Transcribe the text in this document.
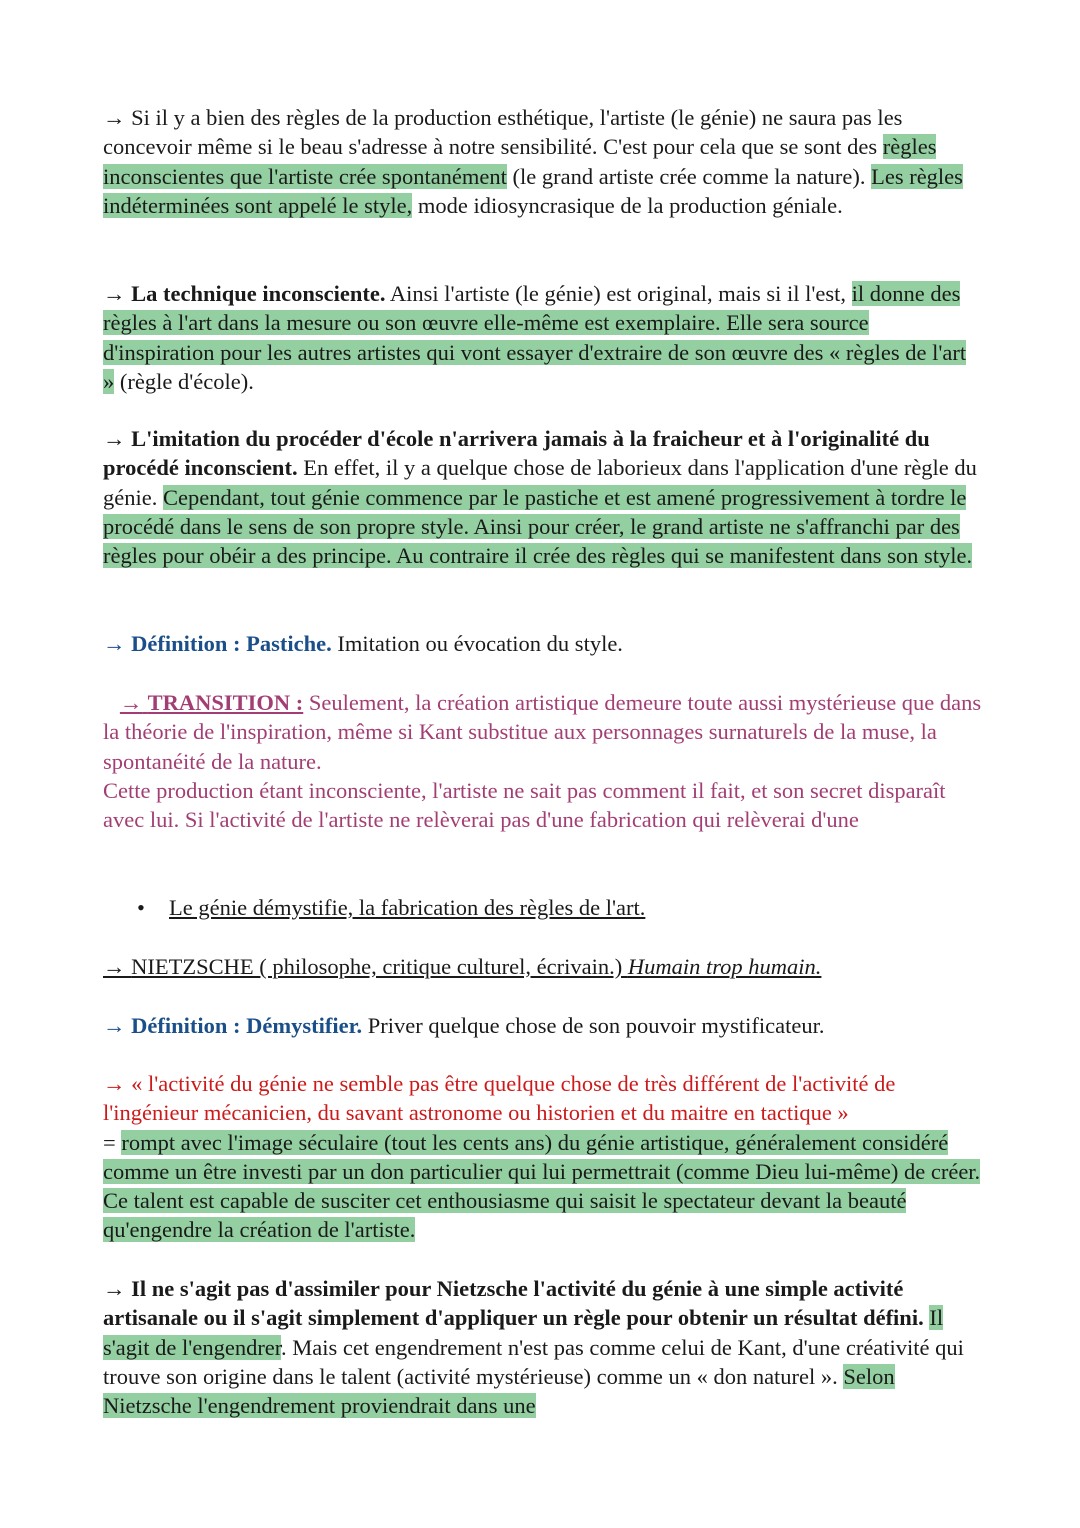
→ Si il y a bien des règles de la production esthétique, l'artiste (le génie) ne saura pas les concevoir même si le beau s'adresse à notre sensibilité. C'est pour cela que se sont des règles inconscientes que l'artiste crée spontanément (le grand artiste crée comme la nature). Les règles indéterminées sont appelé le style, mode idiosyncrasique de la production géniale.

→ La technique inconsciente. Ainsi l'artiste (le génie) est original, mais si il l'est, il donne des règles à l'art dans la mesure ou son œuvre elle-même est exemplaire. Elle sera source d'inspiration pour les autres artistes qui vont essayer d'extraire de son œuvre des « règles de l'art » (règle d'école).

→ L'imitation du procéder d'école n'arrivera jamais à la fraicheur et à l'originalité du procédé inconscient. En effet, il y a quelque chose de laborieux dans l'application d'une règle du génie. Cependant, tout génie commence par le pastiche et est amené progressivement à tordre le procédé dans le sens de son propre style. Ainsi pour créer, le grand artiste ne s'affranchi par des règles pour obéir a des principe. Au contraire il crée des règles qui se manifestent dans son style.

→ Définition : Pastiche. Imitation ou évocation du style.

→ TRANSITION : Seulement, la création artistique demeure toute aussi mystérieuse que dans la théorie de l'inspiration, même si Kant substitue aux personnages surnaturels de la muse, la spontanéité de la nature.
Cette production étant inconsciente, l'artiste ne sait pas comment il fait, et son secret disparaît avec lui. Si l'activité de l'artiste ne relèverai pas d'une fabrication qui relèverai d'une

• Le génie démystifie, la fabrication des règles de l'art.

→ NIETZSCHE ( philosophe, critique culturel, écrivain.) Humain trop humain.

→ Définition : Démystifier. Priver quelque chose de son pouvoir mystificateur.

→ « l'activité du génie ne semble pas être quelque chose de très différent de l'activité de l'ingénieur mécanicien, du savant astronome ou historien et du maitre en tactique »
= rompt avec l'image séculaire (tout les cents ans) du génie artistique, généralement considéré comme un être investi par un don particulier qui lui permettrait (comme Dieu lui-même) de créer. Ce talent est capable de susciter cet enthousiasme qui saisit le spectateur devant la beauté qu'engendre la création de l'artiste.

→ Il ne s'agit pas d'assimiler pour Nietzsche l'activité du génie à une simple activité artisanale ou il s'agit simplement d'appliquer un règle pour obtenir un résultat défini. Il s'agit de l'engendrer. Mais cet engendrement n'est pas comme celui de Kant, d'une créativité qui trouve son origine dans le talent (activité mystérieuse) comme un « don naturel ». Selon Nietzsche l'engendrement proviendrait dans une
